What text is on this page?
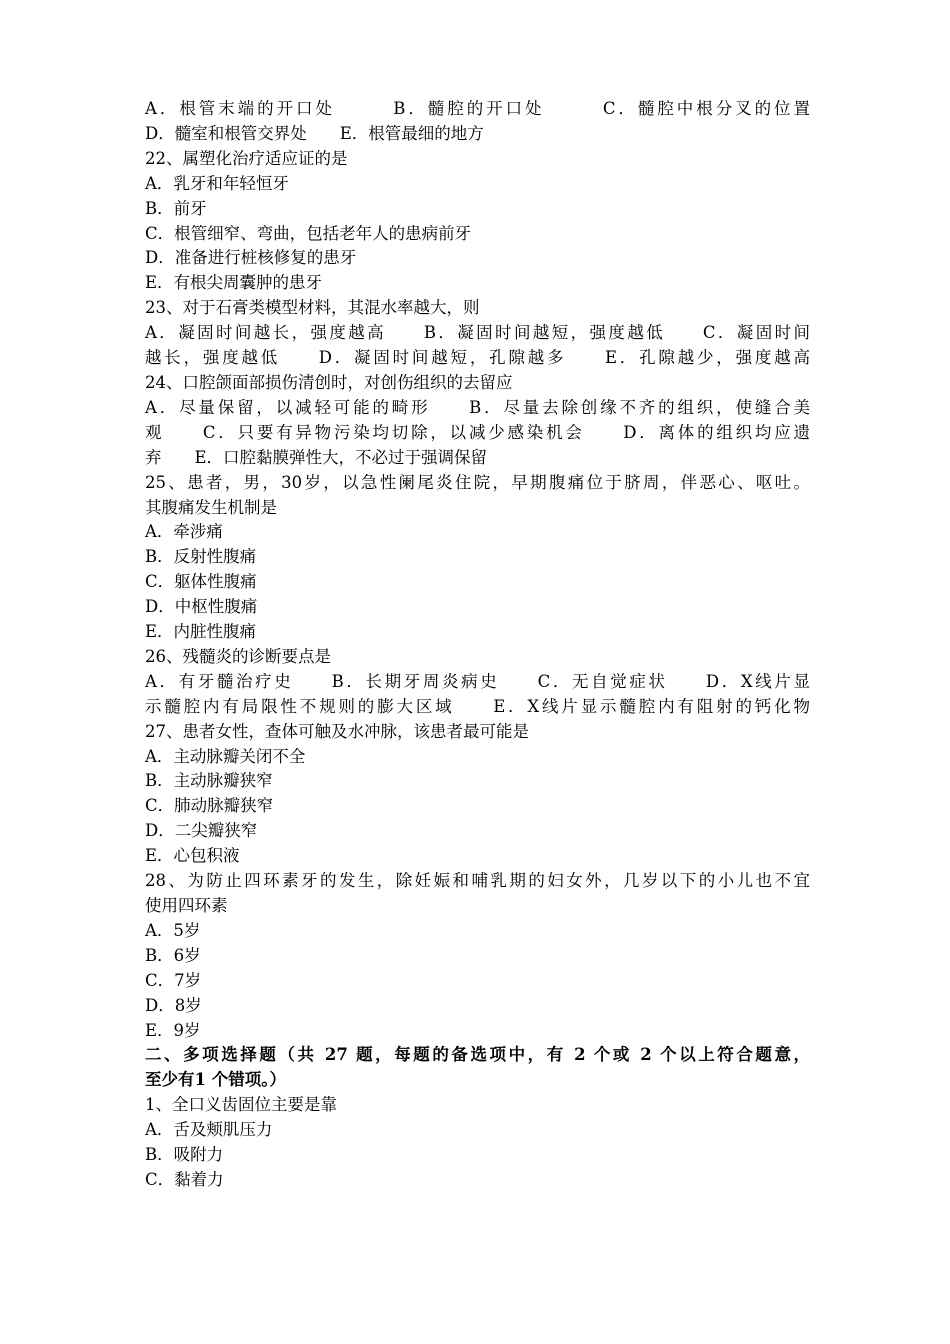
A．根管末端的开口处　　　B．髓腔的开口处　　　C．髓腔中根分叉的位置
D．髓室和根管交界处　　E．根管最细的地方
22、属塑化治疗适应证的是
A．乳牙和年轻恒牙
B．前牙
C．根管细窄、弯曲，包括老年人的患病前牙
D．准备进行桩核修复的患牙
E．有根尖周囊肿的患牙
23、对于石膏类模型材料，其混水率越大，则
A．凝固时间越长，强度越高　　B．凝固时间越短，强度越低　　C．凝固时间
越长，强度越低　　D．凝固时间越短，孔隙越多　　E．孔隙越少，强度越高
24、口腔颌面部损伤清创时，对创伤组织的去留应
A．尽量保留，以减轻可能的畸形　　B．尽量去除创缘不齐的组织，使缝合美
观　　C．只要有异物污染均切除，以减少感染机会　　D．离体的组织均应遗
弃　　E．口腔黏膜弹性大，不必过于强调保留
25、患者，男，30岁，以急性阑尾炎住院，早期腹痛位于脐周，伴恶心、呕吐。
其腹痛发生机制是
A．牵涉痛
B．反射性腹痛
C．躯体性腹痛
D．中枢性腹痛
E．内脏性腹痛
26、残髓炎的诊断要点是
A．有牙髓治疗史　　B．长期牙周炎病史　　C．无自觉症状　　D．X线片显
示髓腔内有局限性不规则的膨大区域　　E．X线片显示髓腔内有阻射的钙化物
27、患者女性，查体可触及水冲脉，该患者最可能是
A．主动脉瓣关闭不全
B．主动脉瓣狭窄
C．肺动脉瓣狭窄
D．二尖瓣狭窄
E．心包积液
28、为防止四环素牙的发生，除妊娠和哺乳期的妇女外，几岁以下的小儿也不宜
使用四环素
A．5岁
B．6岁
C．7岁
D．8岁
E．9岁
二、多项选择题（共 27 题，每题的备选项中，有 2 个或 2 个以上符合题意，
至少有1 个错项。）
1、全口义齿固位主要是靠
A．舌及颊肌压力
B．吸附力
C．黏着力
